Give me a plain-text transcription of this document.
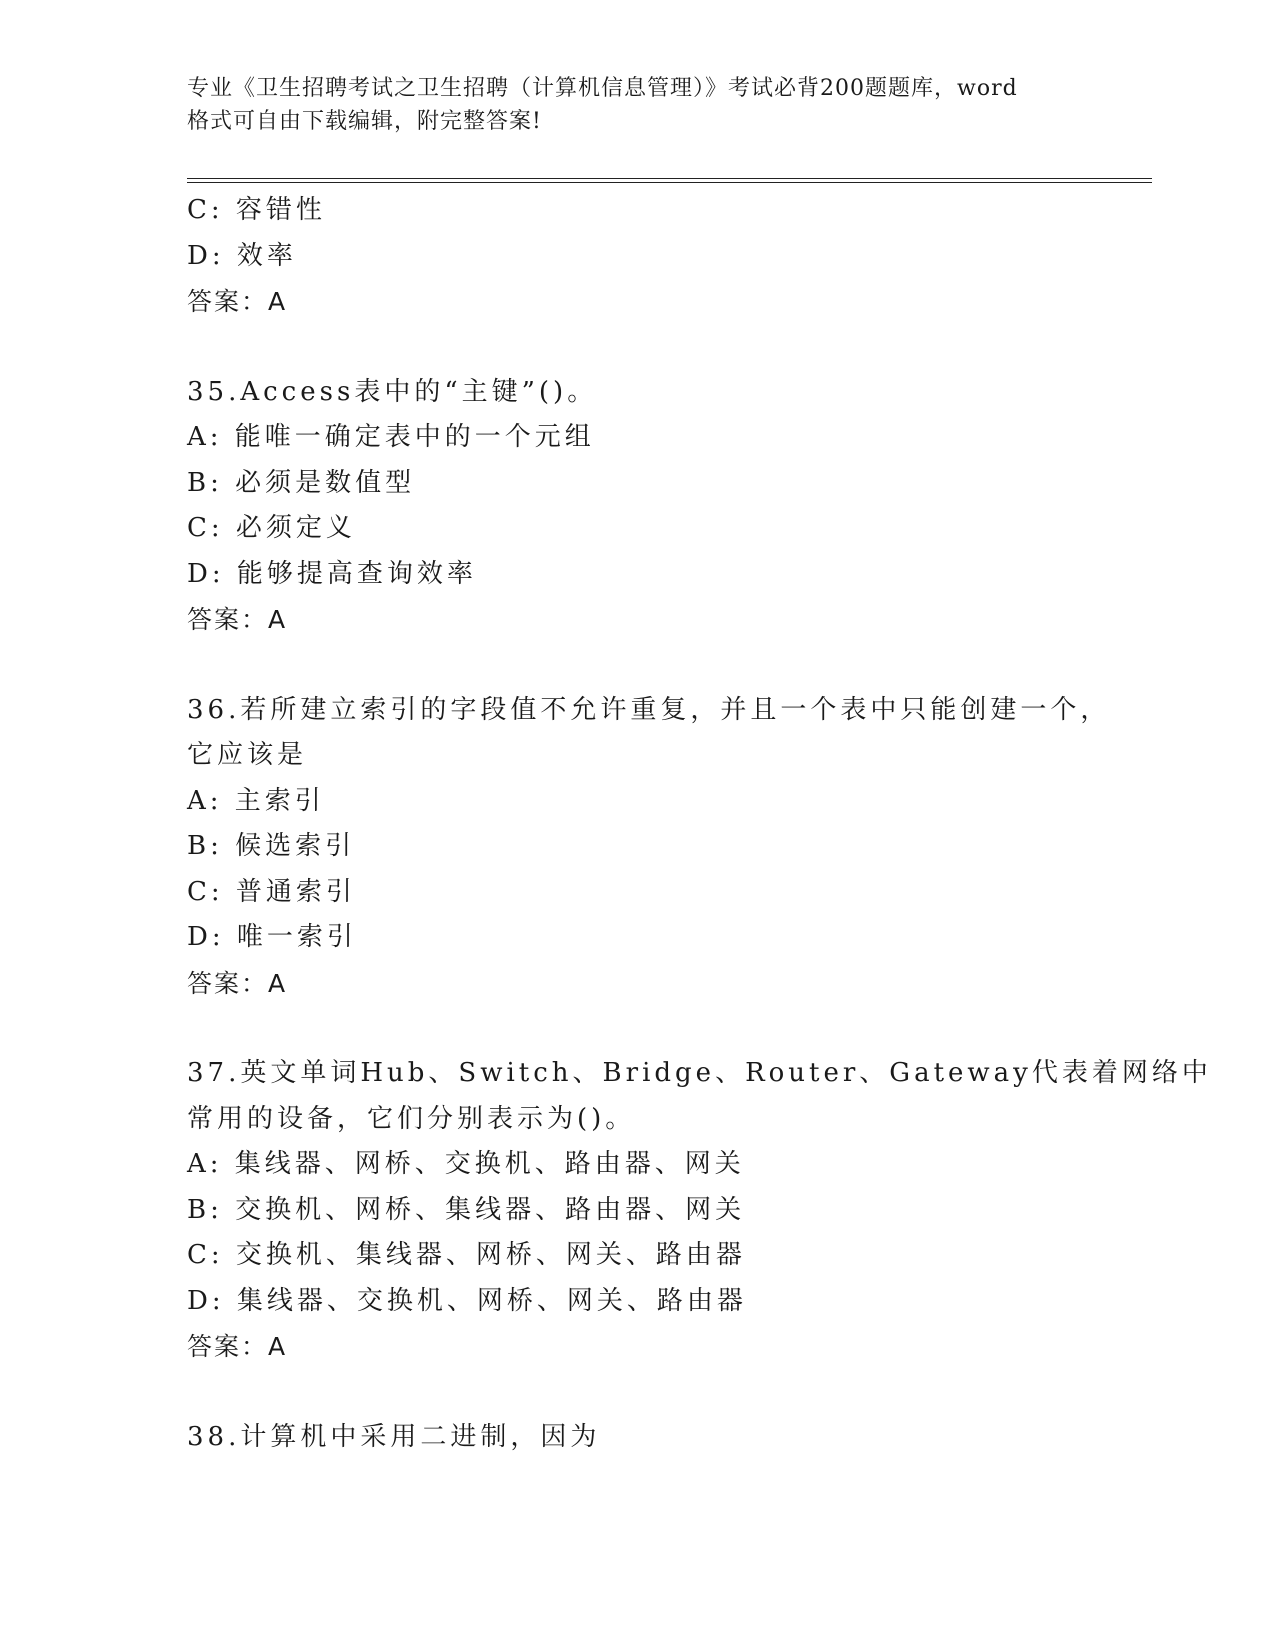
专业《卫生招聘考试之卫生招聘（计算机信息管理）》考试必背200题题库，word
格式可自由下载编辑，附完整答案!
C: 容错性
D: 效率
答案：A
35.Access表中的“主键”()。
A: 能唯一确定表中的一个元组
B: 必须是数值型
C: 必须定义
D: 能够提高查询效率
答案：A
36.若所建立索引的字段值不允许重复，并且一个表中只能创建一个，
它应该是
A: 主索引
B: 候选索引
C: 普通索引
D: 唯一索引
答案：A
37.英文单词Hub、Switch、Bridge、Router、Gateway代表着网络中
常用的设备，它们分别表示为()。
A: 集线器、网桥、交换机、路由器、网关
B: 交换机、网桥、集线器、路由器、网关
C: 交换机、集线器、网桥、网关、路由器
D: 集线器、交换机、网桥、网关、路由器
答案：A
38.计算机中采用二进制，因为
